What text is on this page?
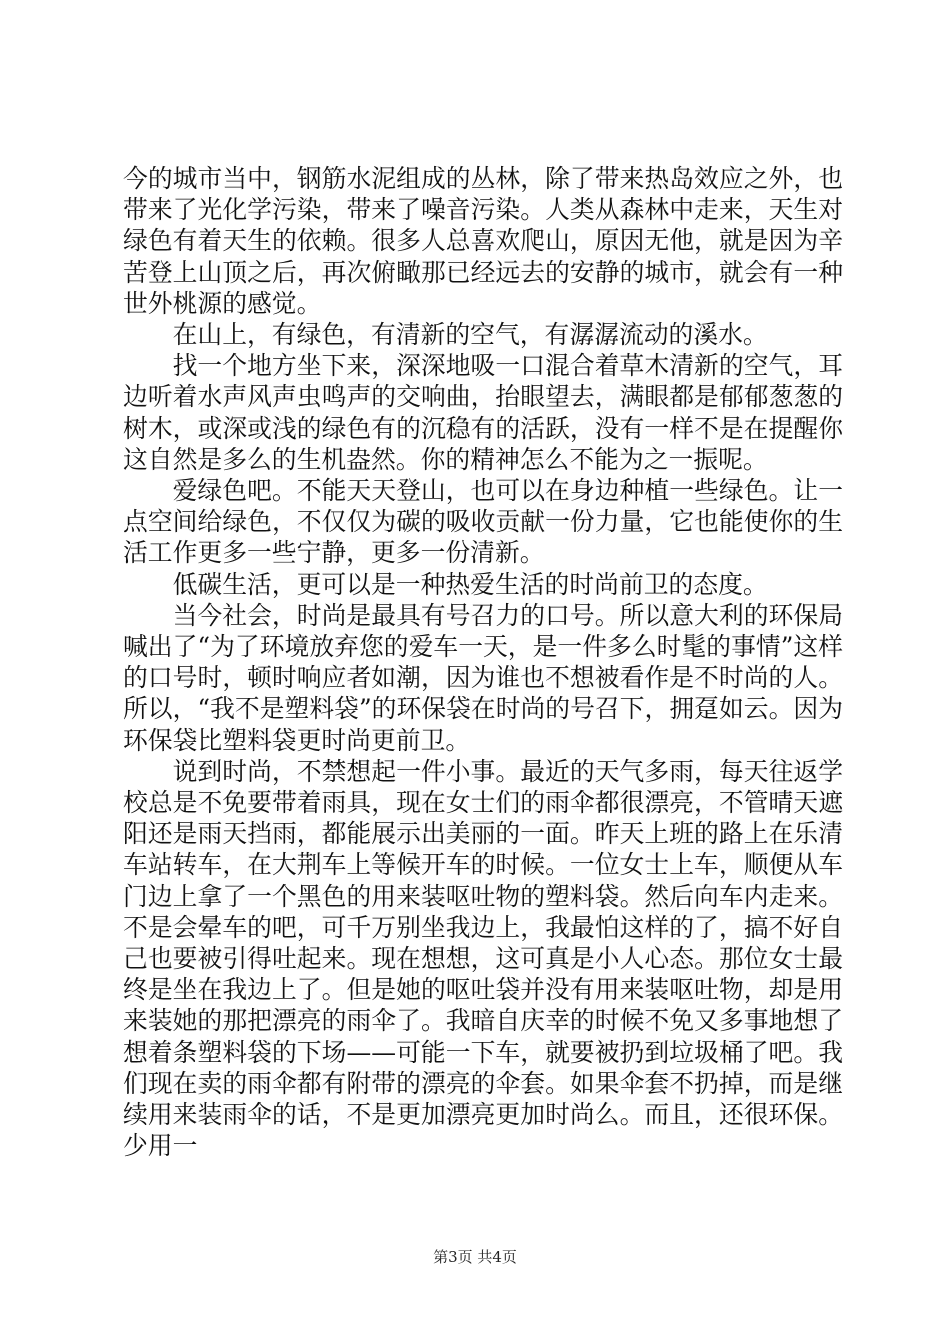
今的城市当中，钢筋水泥组成的丛林，除了带来热岛效应之外，也带来了光化学污染，带来了噪音污染。人类从森林中走来，天生对绿色有着天生的依赖。很多人总喜欢爬山，原因无他，就是因为辛苦登上山顶之后，再次俯瞰那已经远去的安静的城市，就会有一种世外桃源的感觉。

在山上，有绿色，有清新的空气，有潺潺流动的溪水。

找一个地方坐下来，深深地吸一口混合着草木清新的空气，耳边听着水声风声虫鸣声的交响曲，抬眼望去，满眼都是郁郁葱葱的树木，或深或浅的绿色有的沉稳有的活跃，没有一样不是在提醒你这自然是多么的生机盎然。你的精神怎么不能为之一振呢。

爱绿色吧。不能天天登山，也可以在身边种植一些绿色。让一点空间给绿色，不仅仅为碳的吸收贡献一份力量，它也能使你的生活工作更多一些宁静，更多一份清新。

低碳生活，更可以是一种热爱生活的时尚前卫的态度。

当今社会，时尚是最具有号召力的口号。所以意大利的环保局喊出了“为了环境放弃您的爱车一天，是一件多么时髦的事情”这样的口号时，顿时响应者如潮，因为谁也不想被看作是不时尚的人。所以，“我不是塑料袋”的环保袋在时尚的号召下，拥趸如云。因为环保袋比塑料袋更时尚更前卫。

说到时尚，不禁想起一件小事。最近的天气多雨，每天往返学校总是不免要带着雨具，现在女士们的雨伞都很漂亮，不管晴天遮阳还是雨天挡雨，都能展示出美丽的一面。昨天上班的路上在乐清车站转车，在大荆车上等候开车的时候。一位女士上车，顺便从车门边上拿了一个黑色的用来装呕吐物的塑料袋。然后向车内走来。不是会晕车的吧，可千万别坐我边上，我最怕这样的了，搞不好自己也要被引得吐起来。现在想想，这可真是小人心态。那位女士最终是坐在我边上了。但是她的呕吐袋并没有用来装呕吐物，却是用来装她的那把漂亮的雨伞了。我暗自庆幸的时候不免又多事地想了想着条塑料袋的下场——可能一下车，就要被扔到垃圾桶了吧。我们现在卖的雨伞都有附带的漂亮的伞套。如果伞套不扔掉，而是继续用来装雨伞的话，不是更加漂亮更加时尚么。而且，还很环保。少用一

第3页 共4页
